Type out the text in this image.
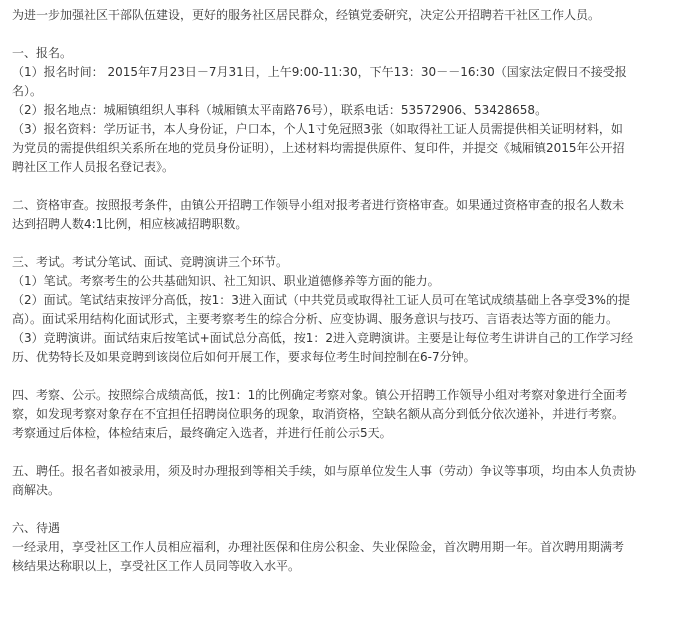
为进一步加强社区干部队伍建设，更好的服务社区居民群众，经镇党委研究，决定公开招聘若干社区工作人员。
一、报名。
（1）报名时间： 2015年7月23日－7月31日，上午9:00-11:30，下午13：30－－16:30（国家法定假日不接受报
名）。
（2）报名地点：城厢镇组织人事科（城厢镇太平南路76号），联系电话：53572906、53428658。
（3）报名资料：学历证书，本人身份证，户口本，个人1寸免冠照3张（如取得社工证人员需提供相关证明材料，如
为党员的需提供组织关系所在地的党员身份证明），上述材料均需提供原件、复印件，并提交《城厢镇2015年公开招
聘社区工作人员报名登记表》。
二、资格审查。按照报考条件，由镇公开招聘工作领导小组对报考者进行资格审查。如果通过资格审查的报名人数未
达到招聘人数4:1比例，相应核减招聘职数。
三、考试。考试分笔试、面试、竞聘演讲三个环节。
（1）笔试。考察考生的公共基础知识、社工知识、职业道德修养等方面的能力。
（2）面试。笔试结束按评分高低，按1：3进入面试（中共党员或取得社工证人员可在笔试成绩基础上各享受3%的提
高）。面试采用结构化面试形式，主要考察考生的综合分析、应变协调、服务意识与技巧、言语表达等方面的能力。
（3）竞聘演讲。面试结束后按笔试+面试总分高低，按1：2进入竞聘演讲。主要是让每位考生讲讲自己的工作学习经
历、优势特长及如果竞聘到该岗位后如何开展工作，要求每位考生时间控制在6-7分钟。
四、考察、公示。按照综合成绩高低，按1：1的比例确定考察对象。镇公开招聘工作领导小组对考察对象进行全面考
察，如发现考察对象存在不宜担任招聘岗位职务的现象，取消资格，空缺名额从高分到低分依次递补，并进行考察。
考察通过后体检，体检结束后，最终确定入选者，并进行任前公示5天。
五、聘任。报名者如被录用，须及时办理报到等相关手续，如与原单位发生人事（劳动）争议等事项，均由本人负责协
商解决。
六、待遇
一经录用，享受社区工作人员相应福利，办理社医保和住房公积金、失业保险金，首次聘用期一年。首次聘用期满考
核结果达称职以上，享受社区工作人员同等收入水平。
